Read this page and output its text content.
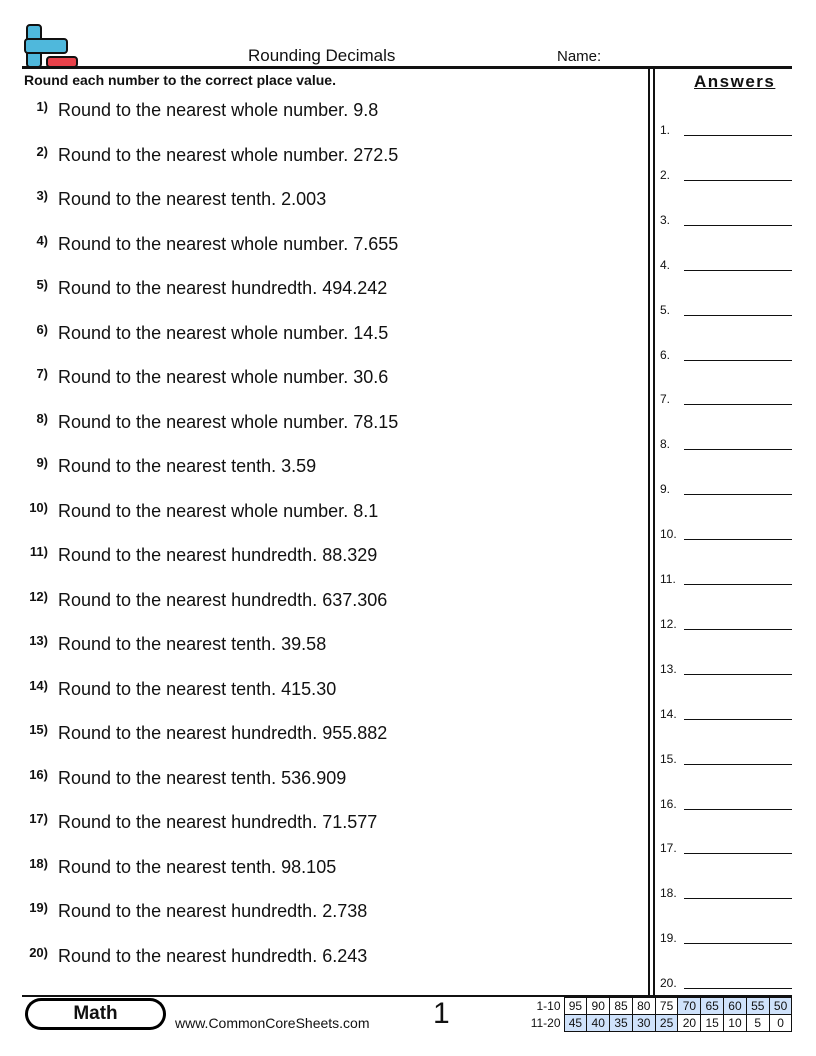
Rounding Decimals	Name:
Round each number to the correct place value.	Answers
1) Round to the nearest whole number. 9.8
2) Round to the nearest whole number. 272.5
3) Round to the nearest tenth. 2.003
4) Round to the nearest whole number. 7.655
5) Round to the nearest hundredth. 494.242
6) Round to the nearest whole number. 14.5
7) Round to the nearest whole number. 30.6
8) Round to the nearest whole number. 78.15
9) Round to the nearest tenth. 3.59
10) Round to the nearest whole number. 8.1
11) Round to the nearest hundredth. 88.329
12) Round to the nearest hundredth. 637.306
13) Round to the nearest tenth. 39.58
14) Round to the nearest tenth. 415.30
15) Round to the nearest hundredth. 955.882
16) Round to the nearest tenth. 536.909
17) Round to the nearest hundredth. 71.577
18) Round to the nearest tenth. 98.105
19) Round to the nearest hundredth. 2.738
20) Round to the nearest hundredth. 6.243
1.
2.
3.
4.
5.
6.
7.
8.
9.
10.
11.
12.
13.
14.
15.
16.
17.
18.
19.
20.
Math	www.CommonCoreSheets.com 1	1-10	95	90	85	80	75	70	65	60	55	50
11-20	45	40	35	30	25	20	15	10	5	0
